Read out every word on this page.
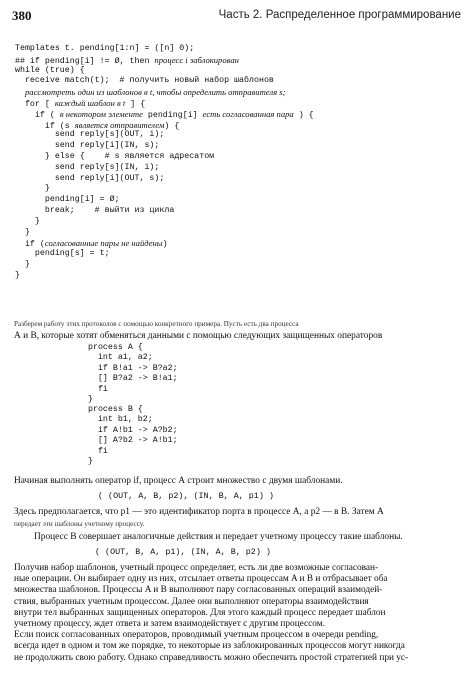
380	Часть 2. Распределенное программирование
Templates t. pending[1:n] = ([n] 0);
## if pending[i] != Ø, then процесс i заблокирован
while (true) {
receive match(t);  # получить новый набор шаблонов
рассмотреть один из шаблонов в t, чтобы определить отправителя s;
for [ каждый шаблон в t ] {
if ( в некотором элементе pending[i] есть согласованная пара ) {
if (s является отправителем) {
send reply[s](OUT, i);
send reply[i](IN, s);
} else {    # s является адресатом
send reply[s](IN, i);
send reply[i](OUT, s);
}
pending[i] = Ø;
break;    # выйти из цикла
}
}
if (согласованные пары не найдены)
pending[s] = t;
}
}
Разберем работу этих протоколов с помощью конкретного примера. Пусть есть два процесса
А и В, которые хотят обменяться данными с помощью следующих защищенных операторов
process A {
int a1, a2;
if B!a1 -> B?a2;
[] B?a2 -> B!a1;
fi
}
process B {
int b1, b2;
if A!b1 -> A?b2;
[] A?b2 -> A!b1;
fi
}
Начиная выполнять оператор if, процесс А строит множество с двумя шаблонами.
( (OUT, A, B, p2), (IN, B, A, p1) )
Здесь предполагается, что p1 — это идентификатор порта в процессе A, а p2 — в B. Затем A
передает эти шаблоны учетному процессу.
Процесс В совершает аналогичные действия и передает учетному процессу такие шаблоны.
( (OUT, B, A, p1), (IN, A, B, p2) )
Получив набор шаблонов, учетный процесс определяет, есть ли две возможные согласован-
ные операции. Он выбирает одну из них, отсылает ответы процессам A и B и отбрасывает оба
множества шаблонов. Процессы A и B выполняют пару согласованных операций взаимодей-
ствия, выбранных учетным процессом. Далее они выполняют операторы взаимодействия
внутри тел выбранных защищенных операторов. Для этого каждый процесс передает шаблон
учетному процессу, ждет ответа и затем взаимодействует с другим процессом.
Если поиск согласованных операторов, проводимый учетным процессом в очереди pending,
всегда идет в одном и том же порядке, то некоторые из заблокированных процессов могут никогда
не продолжить свою работу. Однако справедливость можно обеспечить простой стратегией при ус-
